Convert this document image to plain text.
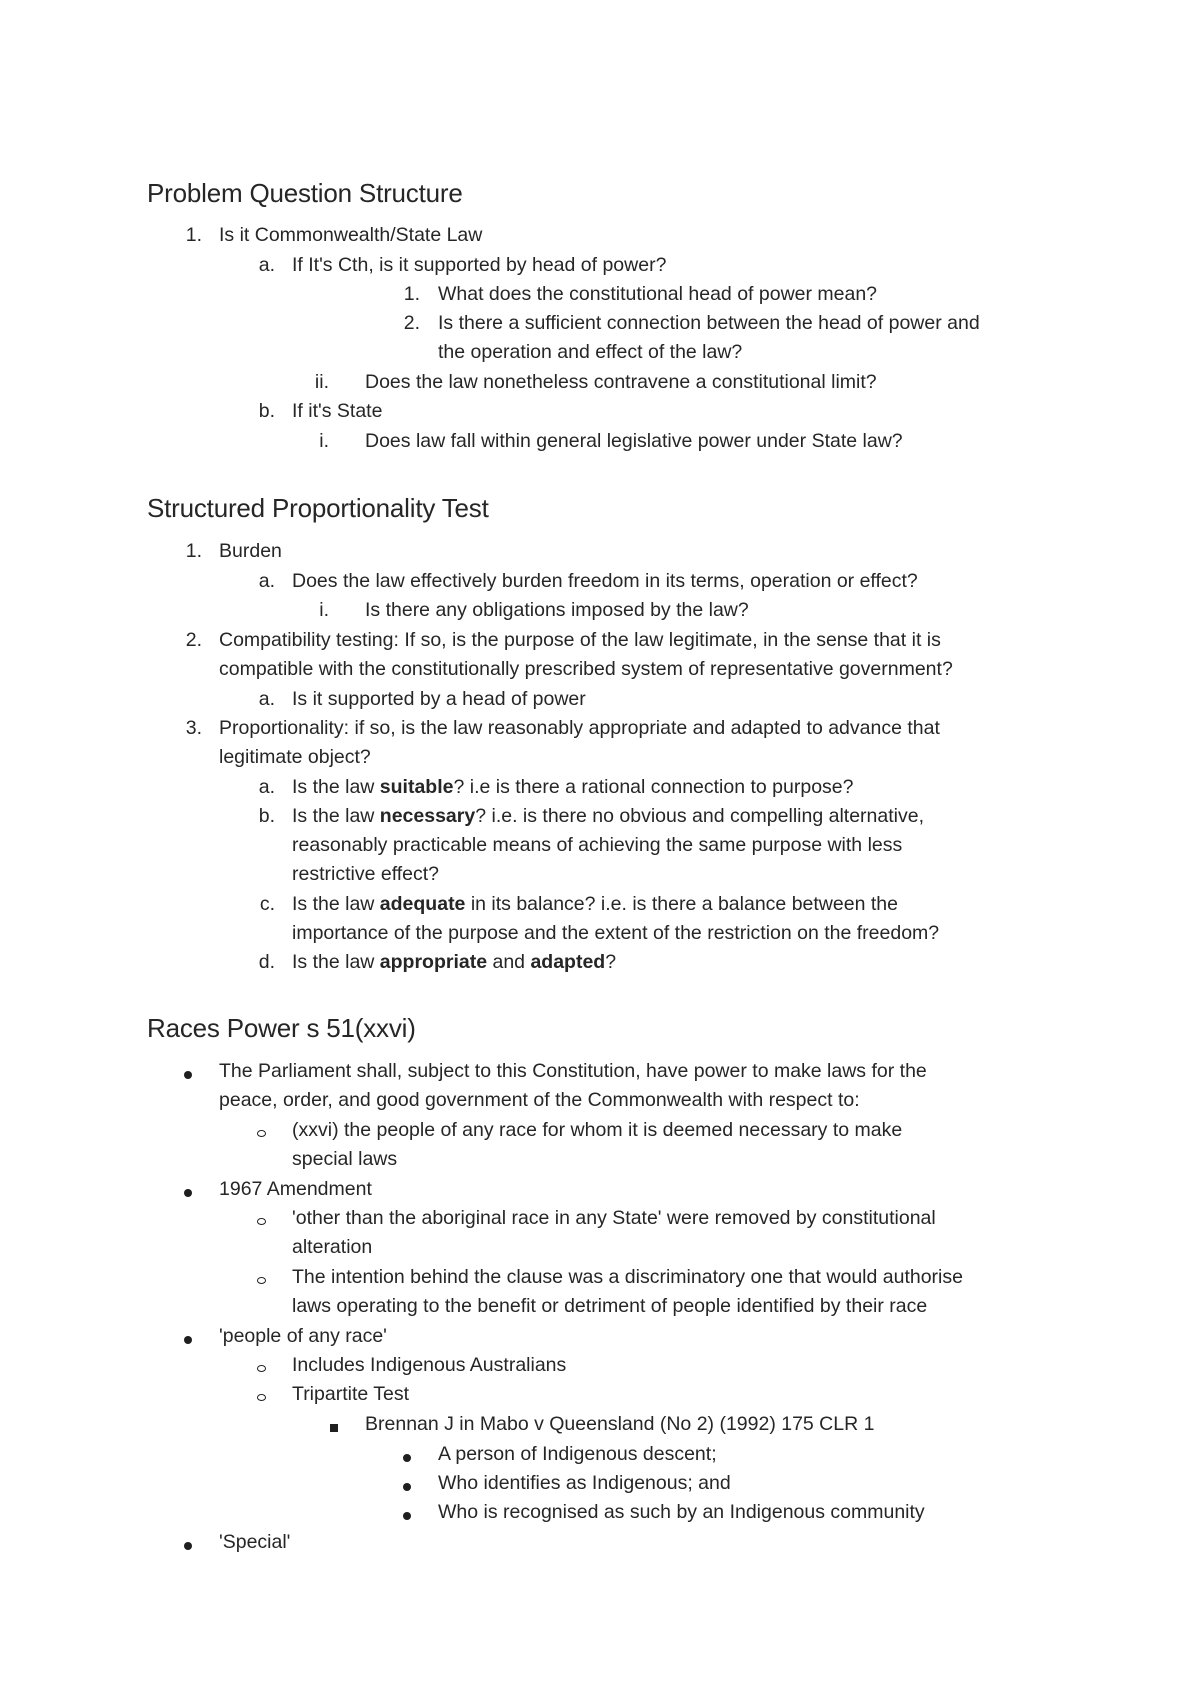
Problem Question Structure
1. Is it Commonwealth/State Law
a. If It's Cth, is it supported by head of power?
1. What does the constitutional head of power mean?
2. Is there a sufficient connection between the head of power and
the operation and effect of the law?
ii. Does the law nonetheless contravene a constitutional limit?
b. If it's State
i. Does law fall within general legislative power under State law?
Structured Proportionality Test
1. Burden
a. Does the law effectively burden freedom in its terms, operation or effect?
i. Is there any obligations imposed by the law?
2. Compatibility testing: If so, is the purpose of the law legitimate, in the sense that it is
compatible with the constitutionally prescribed system of representative government?
a. Is it supported by a head of power
3. Proportionality: if so, is the law reasonably appropriate and adapted to advance that
legitimate object?
a. Is the law suitable? i.e is there a rational connection to purpose?
b. Is the law necessary? i.e. is there no obvious and compelling alternative,
reasonably practicable means of achieving the same purpose with less
restrictive effect?
c. Is the law adequate in its balance? i.e. is there a balance between the
importance of the purpose and the extent of the restriction on the freedom?
d. Is the law appropriate and adapted?
Races Power s 51(xxvi)
The Parliament shall, subject to this Constitution, have power to make laws for the
peace, order, and good government of the Commonwealth with respect to:
(xxvi) the people of any race for whom it is deemed necessary to make
special laws
1967 Amendment
'other than the aboriginal race in any State' were removed by constitutional
alteration
The intention behind the clause was a discriminatory one that would authorise
laws operating to the benefit or detriment of people identified by their race
'people of any race'
Includes Indigenous Australians
Tripartite Test
Brennan J in Mabo v Queensland (No 2) (1992) 175 CLR 1
A person of Indigenous descent;
Who identifies as Indigenous; and
Who is recognised as such by an Indigenous community
'Special'
